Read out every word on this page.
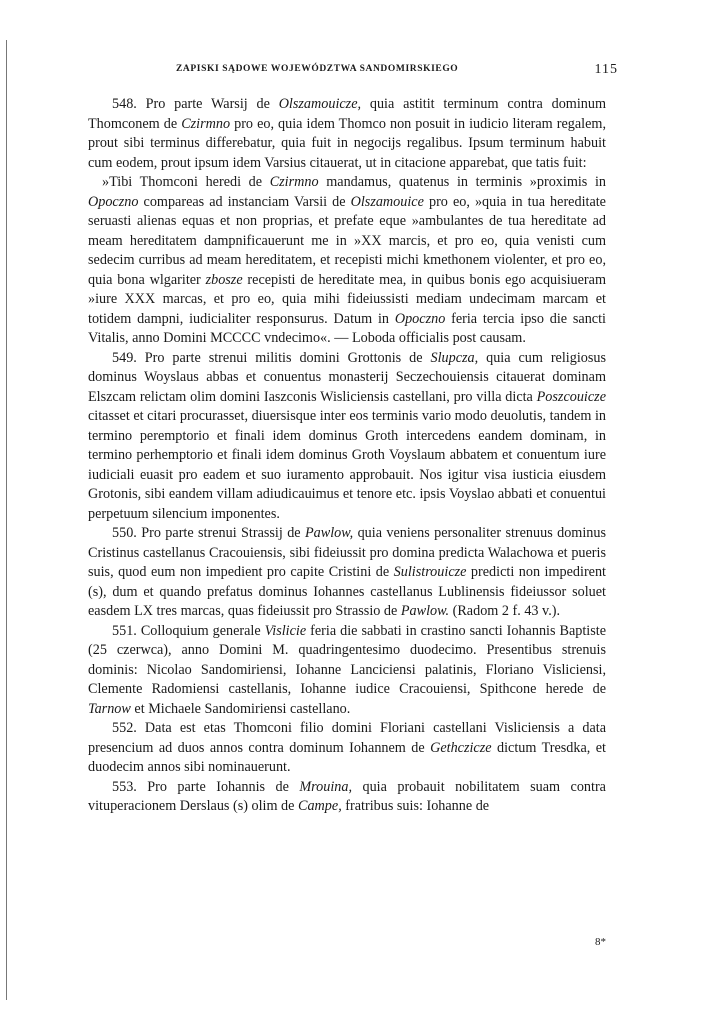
ZAPISKI SĄDOWE WOJEWÓDZTWA SANDOMIRSKIEGO	115

548. Pro parte Warsij de Olszamouicze, quia astitit terminum contra dominum Thomconem de Czirmno pro eo, quia idem Thomco non posuit in iudicio literam regalem, prout sibi terminus differebatur, quia fuit in negocijs regalibus. Ipsum terminum habuit cum eodem, prout ipsum idem Varsius citauerat, ut in citacione apparebat, que tatis fuit:

»Tibi Thomconi heredi de Czirmno mandamus, quatenus in terminis »proximis in Opoczno compareas ad instanciam Varsii de Olszamouice pro eo, »quia in tua hereditate seruasti alienas equas et non proprias, et prefate eque »ambulantes de tua hereditate ad meam hereditatem dampnificauerunt me in »XX marcis, et pro eo, quia venisti cum sedecim curribus ad meam hereditatem, et recepisti michi kmethonem violenter, et pro eo, quia bona wlgariter zbosze recepisti de hereditate mea, in quibus bonis ego acquisiueram »iure XXX marcas, et pro eo, quia mihi fideiussisti mediam undecimam marcam et totidem dampni, iudicialiter responsurus. Datum in Opoczno feria tercia ipso die sancti Vitalis, anno Domini MCCCC vndecimo«. — Loboda officialis post causam.

549. Pro parte strenui militis domini Grottonis de Slupcza, quia cum religiosus dominus Woyslaus abbas et conuentus monasterij Seczechouiensis citauerat dominam Elszcam relictam olim domini Iaszconis Wisliciensis castellani, pro villa dicta Poszcouicze citasset et citari procurasset, diuersisque inter eos terminis vario modo deuolutis, tandem in termino peremptorio et finali idem dominus Groth intercedens eandem dominam, in termino perhemptorio et finali idem dominus Groth Voyslaum abbatem et conuentum iure iudiciali euasit pro eadem et suo iuramento approbauit. Nos igitur visa iusticia eiusdem Grotonis, sibi eandem villam adiudicauimus et tenore etc. ipsis Voyslao abbati et conuentui perpetuum silencium imponentes.

550. Pro parte strenui Strassij de Pawlow, quia veniens personaliter strenuus dominus Cristinus castellanus Cracouiensis, sibi fideiussit pro domina predicta Walachowa et pueris suis, quod eum non impedient pro capite Cristini de Sulistrouicze predicti non impedirent (s), dum et quando prefatus dominus Iohannes castellanus Lublinensis fideiussor soluet easdem LX tres marcas, quas fideiussit pro Strassio de Pawlow. (Radom 2 f. 43 v.).

551. Colloquium generale Vislicie feria die sabbati in crastino sancti Iohannis Baptiste (25 czerwca), anno Domini M. quadringentesimo duodecimo. Presentibus strenuis dominis: Nicolao Sandomiriensi, Iohanne Lanciciensi palatinis, Floriano Visliciensi, Clemente Radomiensi castellanis, Iohanne iudice Cracouiensi, Spithcone herede de Tarnow et Michaele Sandomiriensi castellano.

552. Data est etas Thomconi filio domini Floriani castellani Visliciensis a data presencium ad duos annos contra dominum Iohannem de Gethczicze dictum Tresdka, et duodecim annos sibi nominauerunt.

553. Pro parte Iohannis de Mrouina, quia probauit nobilitatem suam contra vituperacionem Derslaus (s) olim de Campe, fratribus suis: Iohanne de

8*
